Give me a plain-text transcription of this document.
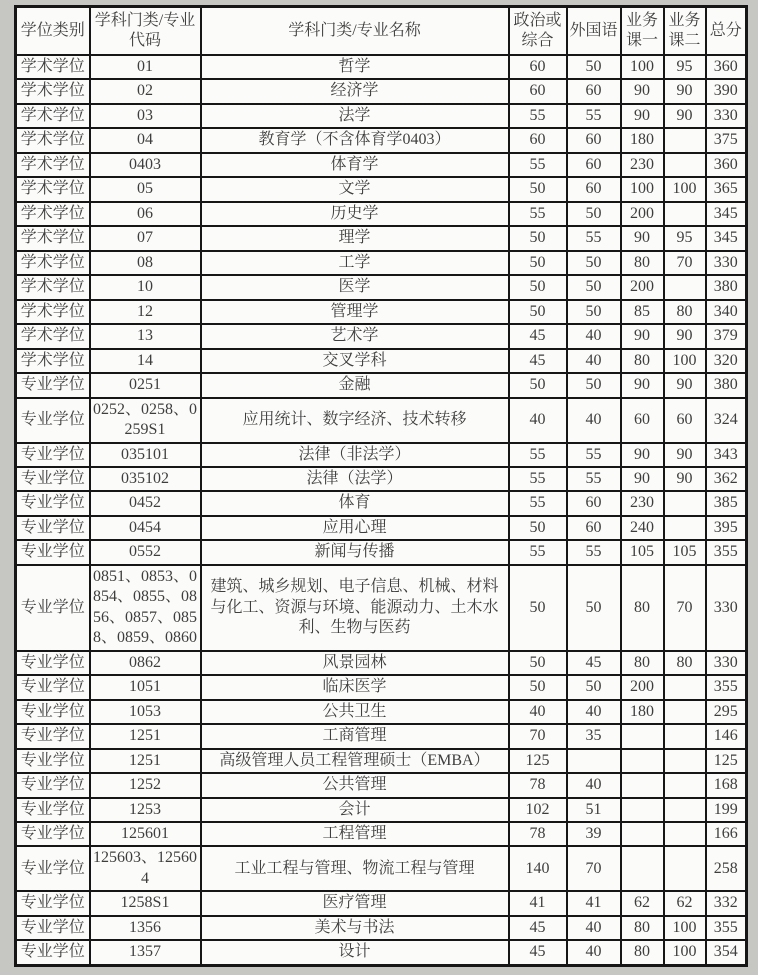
学位类别	学科门类/专业代码	学科门类/专业名称	政治或综合	外国语	业务课一	业务课二	总分
学术学位	01	哲学	60	50	100	95	360
学术学位	02	经济学	60	60	90	90	390
学术学位	03	法学	55	55	90	90	330
学术学位	04	教育学（不含体育学0403）	60	60	180		375
学术学位	0403	体育学	55	60	230		360
学术学位	05	文学	50	60	100	100	365
学术学位	06	历史学	55	50	200		345
学术学位	07	理学	50	55	90	95	345
学术学位	08	工学	50	50	80	70	330
学术学位	10	医学	50	50	200		380
学术学位	12	管理学	50	50	85	80	340
学术学位	13	艺术学	45	40	90	90	379
学术学位	14	交叉学科	45	40	80	100	320
专业学位	0251	金融	50	50	90	90	380
专业学位	0252、0258、0259S1	应用统计、数字经济、技术转移	40	40	60	60	324
专业学位	035101	法律（非法学）	55	55	90	90	343
专业学位	035102	法律（法学）	55	55	90	90	362
专业学位	0452	体育	55	60	230		385
专业学位	0454	应用心理	50	60	240		395
专业学位	0552	新闻与传播	55	55	105	105	355
专业学位	0851、0853、0854、0855、0856、0857、0858、0859、0860	建筑、城乡规划、电子信息、机械、材料与化工、资源与环境、能源动力、土木水利、生物与医药	50	50	80	70	330
专业学位	0862	风景园林	50	45	80	80	330
专业学位	1051	临床医学	50	50	200		355
专业学位	1053	公共卫生	40	40	180		295
专业学位	1251	工商管理	70	35			146
专业学位	1251	高级管理人员工程管理硕士（EMBA）	125				125
专业学位	1252	公共管理	78	40			168
专业学位	1253	会计	102	51			199
专业学位	125601	工程管理	78	39			166
专业学位	125603、125604	工业工程与管理、物流工程与管理	140	70			258
专业学位	1258S1	医疗管理	41	41	62	62	332
专业学位	1356	美术与书法	45	40	80	100	355
专业学位	1357	设计	45	40	80	100	354
